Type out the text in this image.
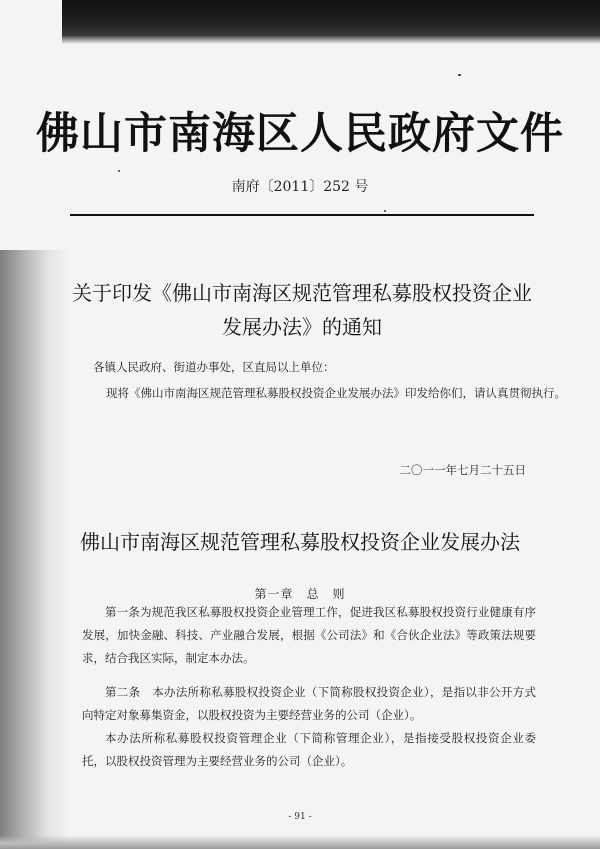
佛山市南海区人民政府文件
南府〔2011〕252 号
关于印发《佛山市南海区规范管理私募股权投资企业
发展办法》的通知
各镇人民政府、街道办事处，区直局以上单位：
现将《佛山市南海区规范管理私募股权投资企业发展办法》印发给你们，请认真贯彻执行。
二〇一一年七月二十五日
佛山市南海区规范管理私募股权投资企业发展办法
第一章　总　则
第一条为规范我区私募股权投资企业管理工作，促进我区私募股权投资行业健康有序发展，加快金融、科技、产业融合发展，根据《公司法》和《合伙企业法》等政策法规要求，结合我区实际，制定本办法。
第二条　本办法所称私募股权投资企业（下简称股权投资企业），是指以非公开方式向特定对象募集资金，以股权投资为主要经营业务的公司（企业）。
本办法所称私募股权投资管理企业（下简称管理企业），是指接受股权投资企业委托，以股权投资管理为主要经营业务的公司（企业）。
- 91 -
